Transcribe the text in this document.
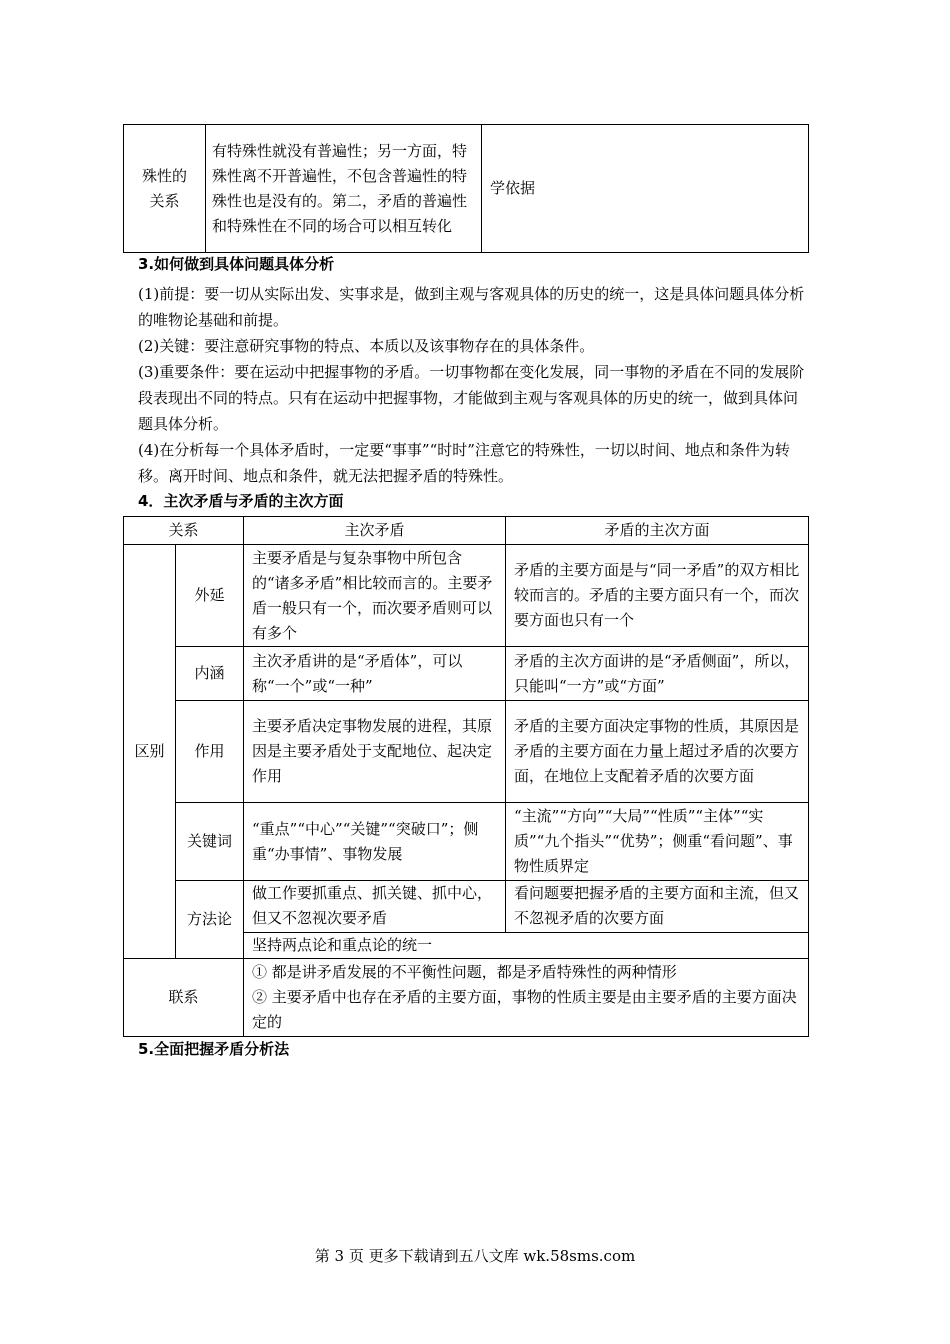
殊性的关系	有特殊性就没有普遍性；另一方面，特殊性离不开普遍性，不包含普遍性的特殊性也是没有的。第二，矛盾的普遍性和特殊性在不同的场合可以相互转化	学依据
3.如何做到具体问题具体分析
(1)前提：要一切从实际出发、实事求是，做到主观与客观具体的历史的统一，这是具体问题具体分析的唯物论基础和前提。
(2)关键：要注意研究事物的特点、本质以及该事物存在的具体条件。
(3)重要条件：要在运动中把握事物的矛盾。一切事物都在变化发展，同一事物的矛盾在不同的发展阶段表现出不同的特点。只有在运动中把握事物，才能做到主观与客观具体的历史的统一，做到具体问题具体分析。
(4)在分析每一个具体矛盾时，一定要“事事”“时时”注意它的特殊性，一切以时间、地点和条件为转移。离开时间、地点和条件，就无法把握矛盾的特殊性。
4．主次矛盾与矛盾的主次方面
关系		主次矛盾	矛盾的主次方面
区别	外延	主要矛盾是与复杂事物中所包含的“诸多矛盾”相比较而言的。主要矛盾一般只有一个，而次要矛盾则可以有多个	矛盾的主要方面是与“同一矛盾”的双方相比较而言的。矛盾的主要方面只有一个，而次要方面也只有一个
	内涵	主次矛盾讲的是“矛盾体”，可以称“一个”或“一种”	矛盾的主次方面讲的是“矛盾侧面”，所以，只能叫“一方”或“方面”
	作用	主要矛盾决定事物发展的进程，其原因是主要矛盾处于支配地位、起决定作用	矛盾的主要方面决定事物的性质，其原因是矛盾的主要方面在力量上超过矛盾的次要方面，在地位上支配着矛盾的次要方面
	关键词	“重点”“中心”“关键”“突破口”；侧重“办事情”、事物发展	“主流”“方向”“大局”“性质”“主体”“实质”“九个指头”“优势”；侧重“看问题”、事物性质界定
	方法论	做工作要抓重点、抓关键、抓中心，但又不忽视次要矛盾	看问题要把握矛盾的主要方面和主流，但又不忽视矛盾的次要方面
		坚持两点论和重点论的统一	
联系		① 都是讲矛盾发展的不平衡性问题，都是矛盾特殊性的两种情形
② 主要矛盾中也存在矛盾的主要方面，事物的性质主要是由主要矛盾的主要方面决定的	
5.全面把握矛盾分析法
第 3 页 更多下载请到五八文库 wk.58sms.com
